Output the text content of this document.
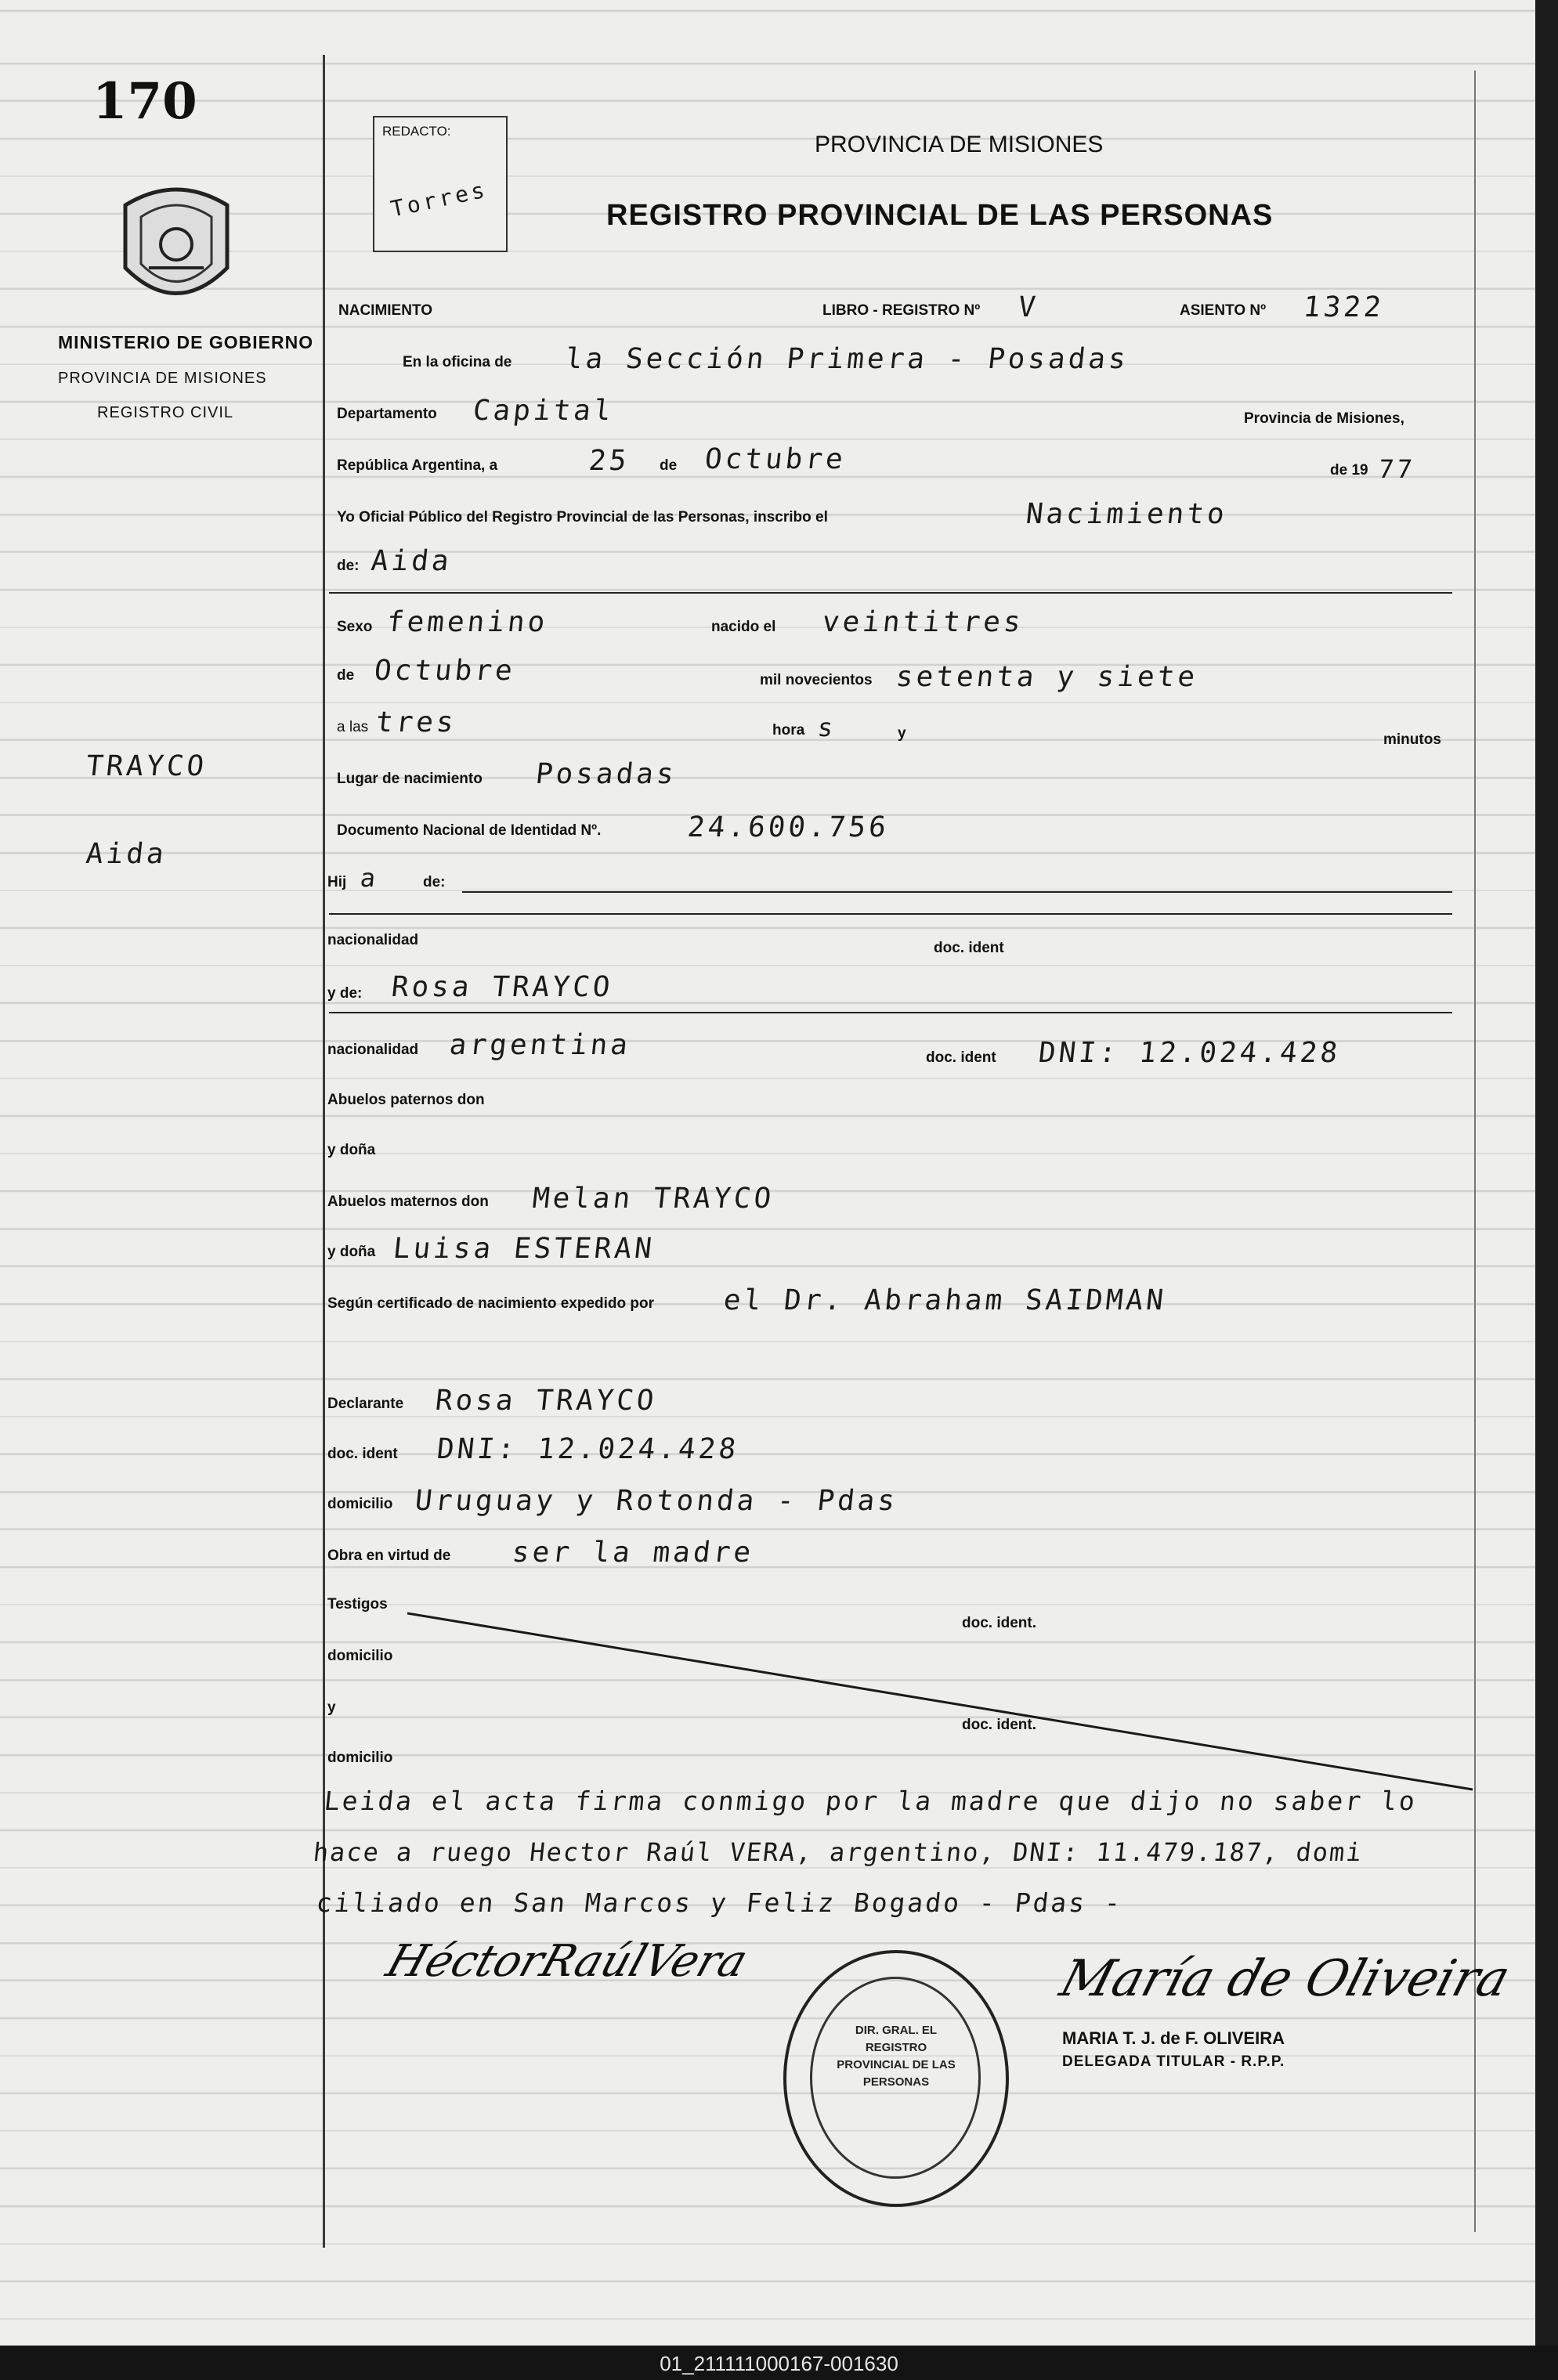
170
MINISTERIO DE GOBIERNO
PROVINCIA DE MISIONES
REGISTRO CIVIL
TRAYCO
Aida
REDACTO:
Torres
PROVINCIA DE MISIONES
REGISTRO PROVINCIAL DE LAS PERSONAS
NACIMIENTO	LIBRO - REGISTRO Nº V	ASIENTO Nº 1322
En la oficina de la Sección Primera - Posadas
Departamento Capital	Provincia de Misiones,
República Argentina, a	25 de Octubre	de 19 77
Yo Oficial Público del Registro Provincial de las Personas, inscribo el	Nacimiento
de: Aida
Sexo femenino	nacido el veintitres
de Octubre	mil novecientos setenta y siete
a las tres	hora s	y	minutos
Lugar de nacimiento Posadas
Documento Nacional de Identidad Nº.	24.600.756
Hij a	de:
nacionalidad	doc. ident
y de: Rosa TRAYCO
nacionalidad argentina	doc. ident DNI: 12.024.428
Abuelos paternos don
y doña
Abuelos maternos don Melan TRAYCO
y doña Luisa ESTERAN
Según certificado de nacimiento expedido por el Dr. Abraham SAIDMAN
Declarante Rosa TRAYCO
doc. ident DNI: 12.024.428
domicilio Uruguay y Rotonda - Pdas
Obra en virtud de ser la madre
Testigos
doc. ident.
domicilio
y
doc. ident.
domicilio
Leida el acta firma conmigo por la madre que dijo no saber lo
hace a ruego Hector Raúl VERA, argentino, DNI: 11.479.187, domi
ciliado en San Marcos y Feliz Bogado - Pdas -
HéctorRaúlVera
DIR. GRAL. EL REGISTRO PROVINCIAL DE LAS PERSONAS
María de Oliveira
MARIA T. J. de F. OLIVEIRA
DELEGADA TITULAR - R.P.P.
01_211111000167-001630
